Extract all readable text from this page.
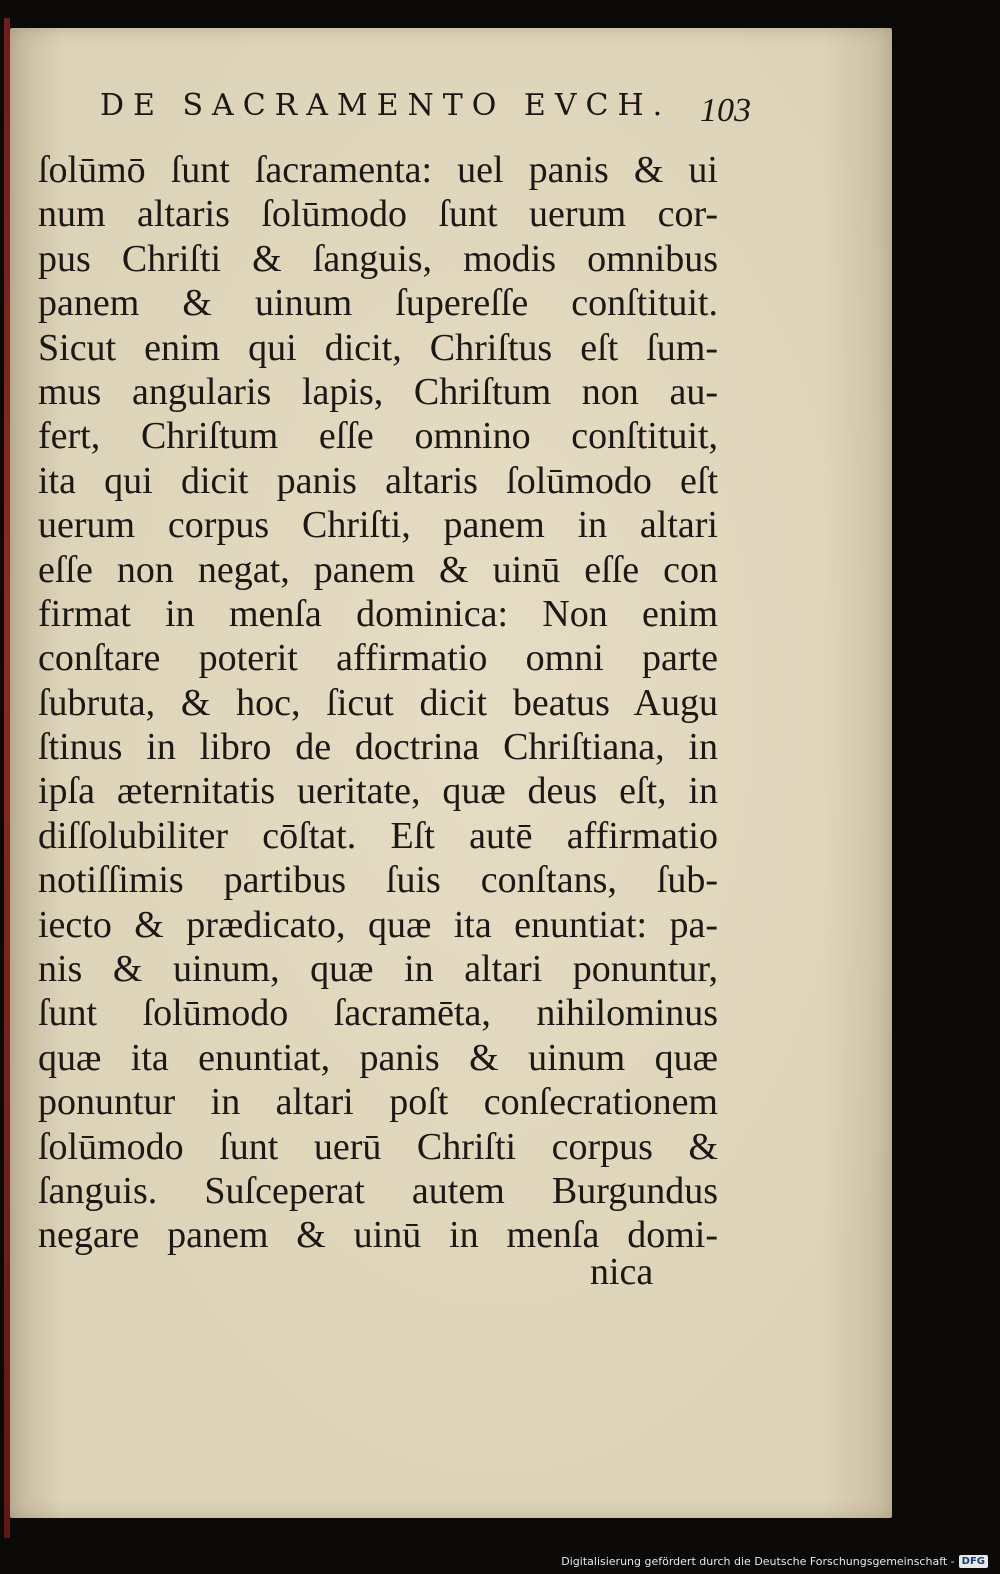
DE SACRAMENTO EVCH. 103
ſolūmō ſunt ſacramenta: uel panis & ui
num altaris ſolūmodo ſunt uerum cor-
pus Chriſti & ſanguis, modis omnibus
panem & uinum ſupereſſe conſtituit.
Sicut enim qui dicit, Chriſtus eſt ſum-
mus angularis lapis, Chriſtum non au-
fert, Chriſtum eſſe omnino conſtituit,
ita qui dicit panis altaris ſolūmodo eſt
uerum corpus Chriſti, panem in altari
eſſe non negat, panem & uinū eſſe con
firmat in menſa dominica: Non enim
conſtare poterit affirmatio omni parte
ſubruta, & hoc, ſicut dicit beatus Augu
ſtinus in libro de doctrina Chriſtiana, in
ipſa æternitatis ueritate, quæ deus eſt, in
diſſolubiliter cōſtat. Eſt autē affirmatio
notiſſimis partibus ſuis conſtans, ſub-
iecto & prædicato, quæ ita enuntiat: pa-
nis & uinum, quæ in altari ponuntur,
ſunt ſolūmodo ſacramēta, nihilominus
quæ ita enuntiat, panis & uinum quæ
ponuntur in altari poſt conſecrationem
ſolūmodo ſunt uerū Chriſti corpus &
ſanguis. Suſceperat autem Burgundus
negare panem & uinū in menſa domi-
nica
Digitalisierung gefördert durch die Deutsche Forschungsgemeinschaft - DFG
